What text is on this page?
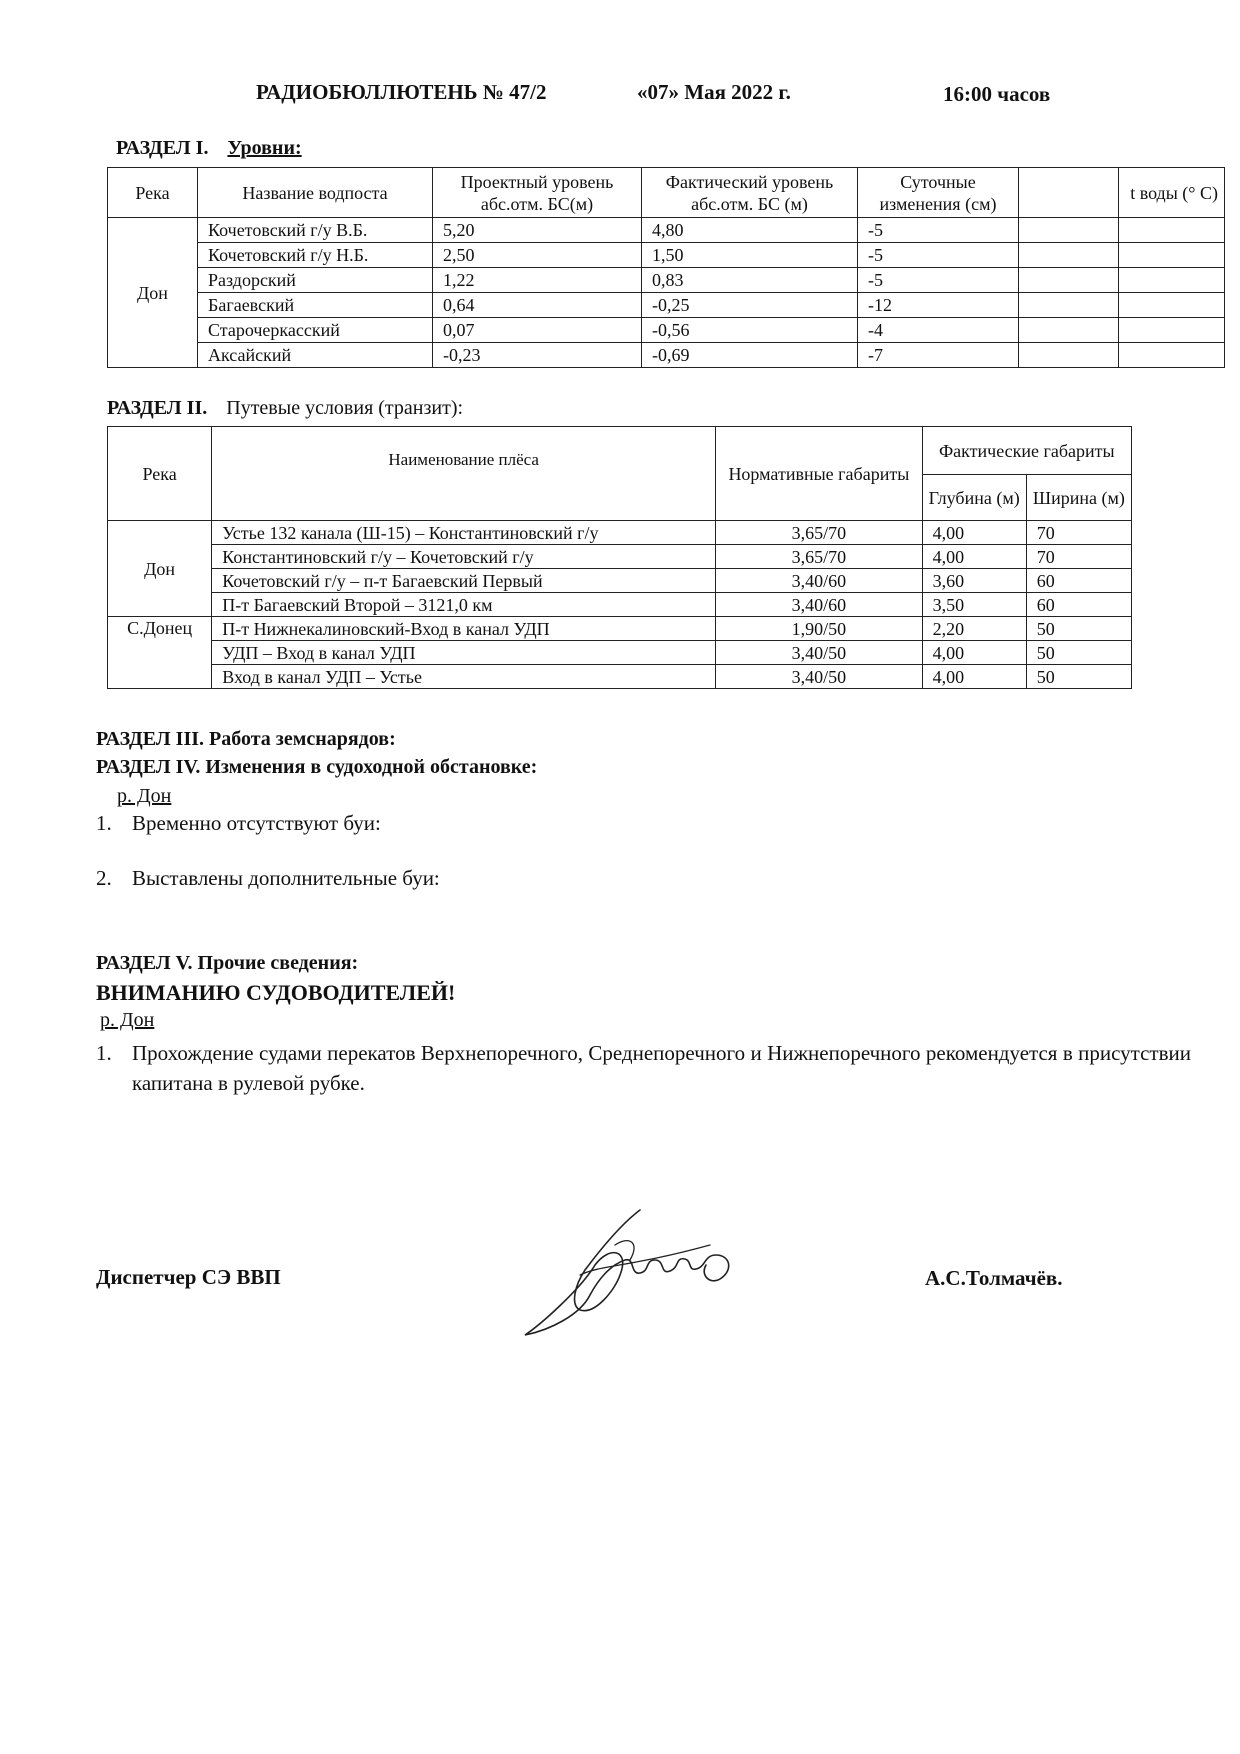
РАДИОБЮЛЛЮТЕНЬ № 47/2	«07» Мая 2022 г.	16:00 часов
РАЗДЕЛ I. Уровни:
Река	Название водпоста	Проектный уровень абс.отм. БС(м)	Фактический уровень абс.отм. БС (м)	Суточные изменения (см)		t воды (° С)
Дон	Кочетовский г/у В.Б.	5,20	4,80	-5		
	Кочетовский г/у Н.Б.	2,50	1,50	-5		
	Раздорский	1,22	0,83	-5		
	Багаевский	0,64	-0,25	-12		
	Старочеркасский	0,07	-0,56	-4		
	Аксайский	-0,23	-0,69	-7		
РАЗДЕЛ II. Путевые условия (транзит):
Река	Наименование плёса	Нормативные габариты	Фактические габариты	
			Глубина (м)	Ширина (м)
Дон	Устье 132 канала (Ш-15) – Константиновский г/у	3,65/70	4,00	70
	Константиновский г/у – Кочетовский г/у	3,65/70	4,00	70
	Кочетовский г/у – п-т Багаевский Первый	3,40/60	3,60	60
	П-т Багаевский Второй – 3121,0 км	3,40/60	3,50	60
С.Донец	П-т Нижнекалиновский-Вход в канал УДП	1,90/50	2,20	50
	УДП – Вход в канал УДП	3,40/50	4,00	50
	Вход в канал УДП – Устье	3,40/50	4,00	50
РАЗДЕЛ III. Работа земснарядов:
РАЗДЕЛ IV. Изменения в судоходной обстановке:
р. Дон
1. Временно отсутствуют буи:
2. Выставлены дополнительные буи:
РАЗДЕЛ V. Прочие сведения:
ВНИМАНИЮ СУДОВОДИТЕЛЕЙ!
р. Дон
1. Прохождение судами перекатов Верхнепоречного, Среднепоречного и Нижнепоречного рекомендуется в присутствии капитана в рулевой рубке.
Диспетчер СЭ ВВП	А.С.Толмачёв.
